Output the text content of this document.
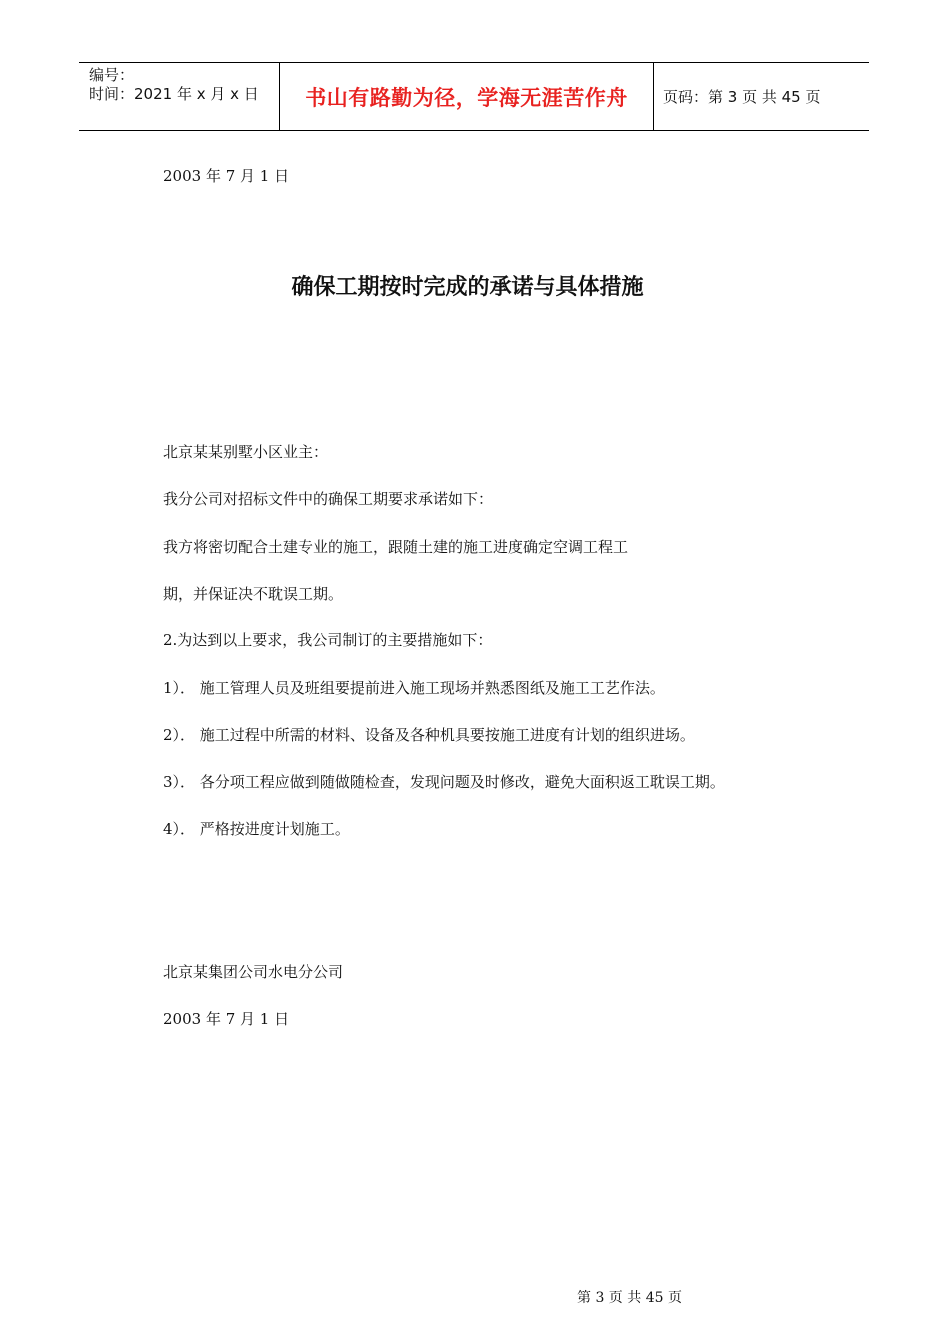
编号：
时间：2021 年 x 月 x 日	书山有路勤为径，学海无涯苦作舟	页码：第 3 页 共 45 页
2003 年 7 月 1 日
确保工期按时完成的承诺与具体措施
北京某某别墅小区业主：
我分公司对招标文件中的确保工期要求承诺如下：
我方将密切配合土建专业的施工，跟随土建的施工进度确定空调工程工
期，并保证决不耽误工期。
2.为达到以上要求，我公司制订的主要措施如下：
1）． 施工管理人员及班组要提前进入施工现场并熟悉图纸及施工工艺作法。
2）． 施工过程中所需的材料、设备及各种机具要按施工进度有计划的组织进场。
3）． 各分项工程应做到随做随检查，发现问题及时修改，避免大面积返工耽误工期。
4）． 严格按进度计划施工。
北京某集团公司水电分公司
2003 年 7 月 1 日
第 3 页 共 45 页
